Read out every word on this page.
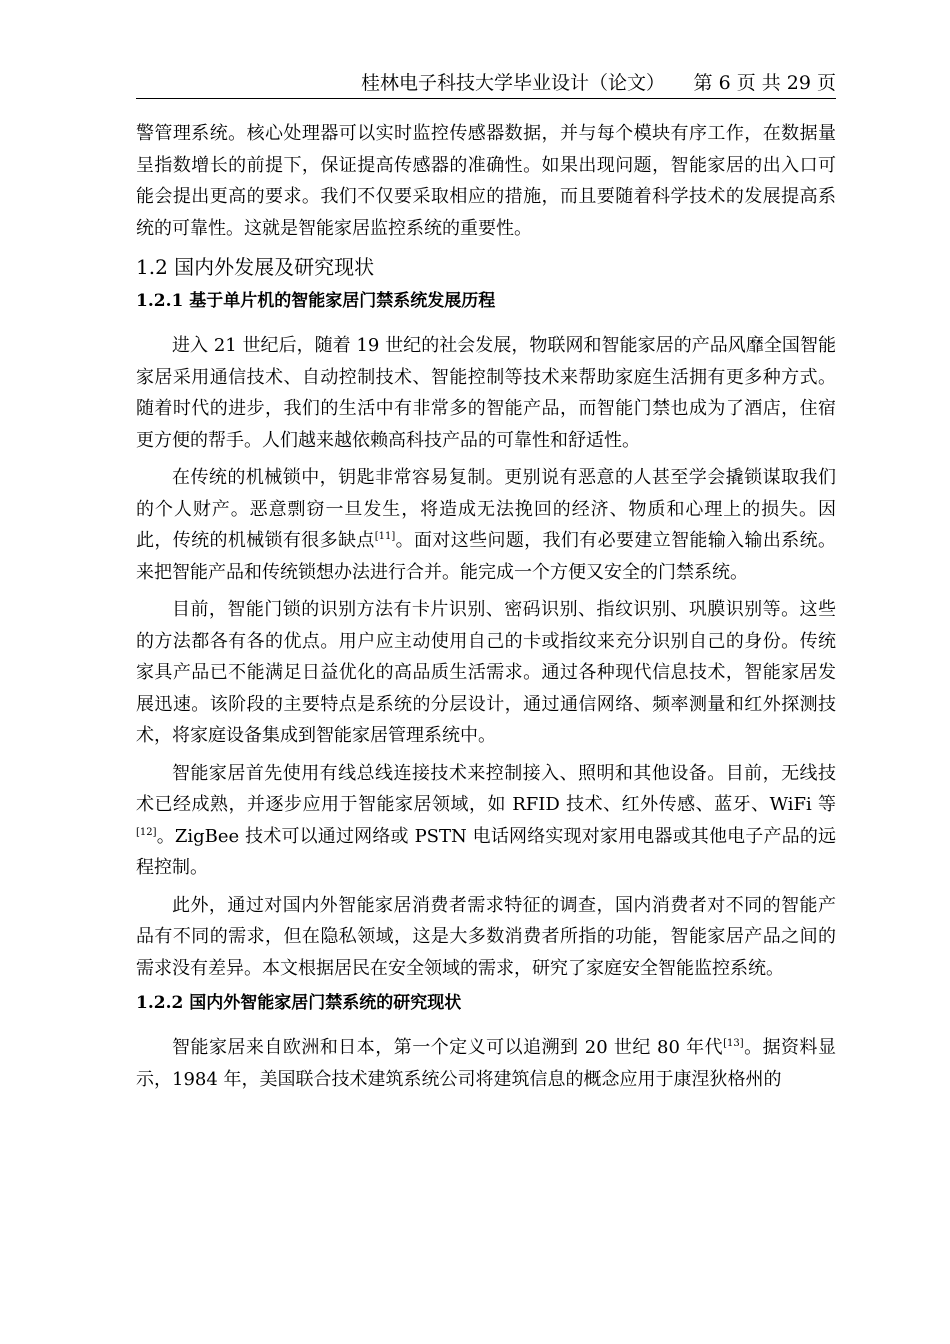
桂林电子科技大学毕业设计（论文） 第 6 页 共 29 页

警管理系统。核心处理器可以实时监控传感器数据，并与每个模块有序工作，在数据量呈指数增长的前提下，保证提高传感器的准确性。如果出现问题，智能家居的出入口可能会提出更高的要求。我们不仅要采取相应的措施，而且要随着科学技术的发展提高系统的可靠性。这就是智能家居监控系统的重要性。

1.2 国内外发展及研究现状
1.2.1 基于单片机的智能家居门禁系统发展历程

进入 21 世纪后，随着 19 世纪的社会发展，物联网和智能家居的产品风靡全国智能家居采用通信技术、自动控制技术、智能控制等技术来帮助家庭生活拥有更多种方式。随着时代的进步，我们的生活中有非常多的智能产品，而智能门禁也成为了酒店，住宿更方便的帮手。人们越来越依赖高科技产品的可靠性和舒适性。

在传统的机械锁中，钥匙非常容易复制。更别说有恶意的人甚至学会撬锁谋取我们的个人财产。恶意剽窃一旦发生，将造成无法挽回的经济、物质和心理上的损失。因此，传统的机械锁有很多缺点[11]。面对这些问题，我们有必要建立智能输入输出系统。来把智能产品和传统锁想办法进行合并。能完成一个方便又安全的门禁系统。

目前，智能门锁的识别方法有卡片识别、密码识别、指纹识别、巩膜识别等。这些的方法都各有各的优点。用户应主动使用自己的卡或指纹来充分识别自己的身份。传统家具产品已不能满足日益优化的高品质生活需求。通过各种现代信息技术，智能家居发展迅速。该阶段的主要特点是系统的分层设计，通过通信网络、频率测量和红外探测技术，将家庭设备集成到智能家居管理系统中。

智能家居首先使用有线总线连接技术来控制接入、照明和其他设备。目前，无线技术已经成熟，并逐步应用于智能家居领域，如 RFID 技术、红外传感、蓝牙、WiFi 等[12]。ZigBee 技术可以通过网络或 PSTN 电话网络实现对家用电器或其他电子产品的远程控制。

此外，通过对国内外智能家居消费者需求特征的调查，国内消费者对不同的智能产品有不同的需求，但在隐私领域，这是大多数消费者所指的功能，智能家居产品之间的需求没有差异。本文根据居民在安全领域的需求，研究了家庭安全智能监控系统。

1.2.2 国内外智能家居门禁系统的研究现状

智能家居来自欧洲和日本，第一个定义可以追溯到 20 世纪 80 年代[13]。据资料显示，1984 年，美国联合技术建筑系统公司将建筑信息的概念应用于康涅狄格州的
